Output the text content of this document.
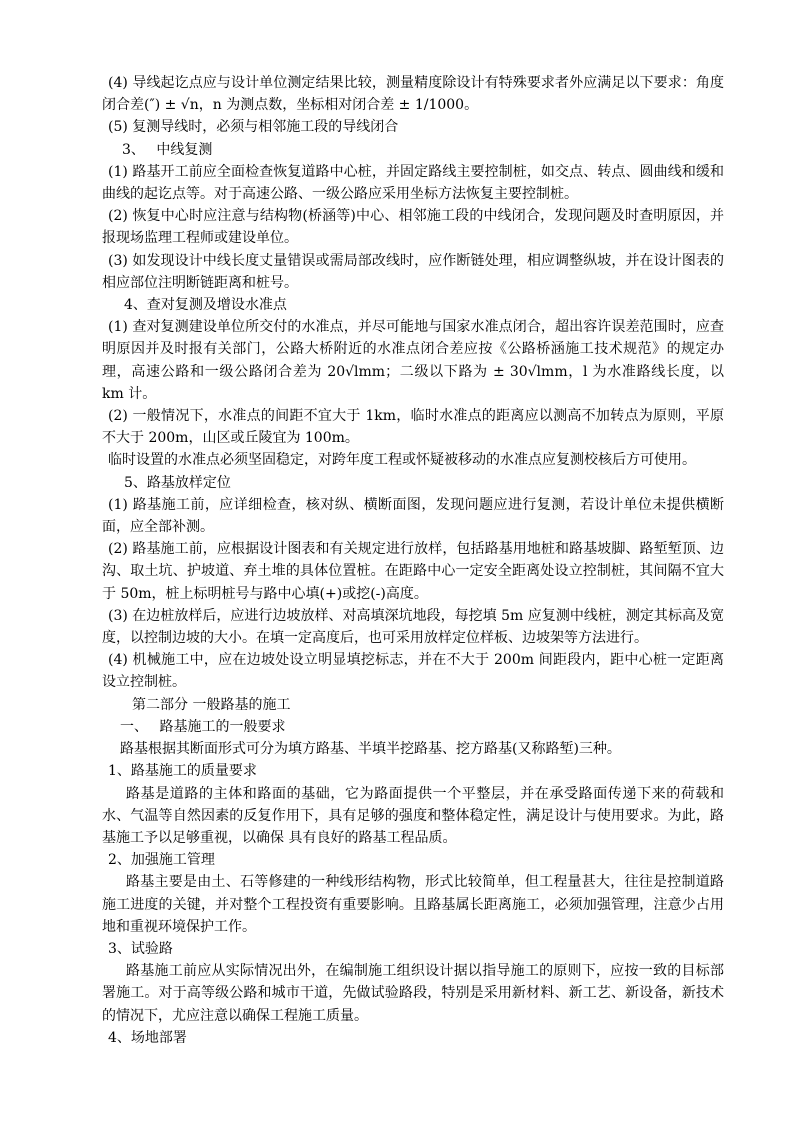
(4) 导线起讫点应与设计单位测定结果比较，测量精度除设计有特殊要求者外应满足以下要求：角度闭合差(″) ± √n，n 为测点数，坐标相对闭合差 ± 1/1000。

(5) 复测导线时，必须与相邻施工段的导线闭合

3、　 中线复测

(1) 路基开工前应全面检查恢复道路中心桩，并固定路线主要控制桩，如交点、转点、圆曲线和缓和曲线的起讫点等。对于高速公路、一级公路应采用坐标方法恢复主要控制桩。

(2) 恢复中心时应注意与结构物(桥涵等)中心、相邻施工段的中线闭合，发现问题及时查明原因，并报现场监理工程师或建设单位。

(3) 如发现设计中线长度丈量错误或需局部改线时，应作断链处理，相应调整纵坡，并在设计图表的相应部位注明断链距离和桩号。

4、查对复测及增设水准点

(1) 查对复测建设单位所交付的水准点，并尽可能地与国家水准点闭合，超出容许误差范围时，应查明原因并及时报有关部门，公路大桥附近的水准点闭合差应按《公路桥涵施工技术规范》的规定办理，高速公路和一级公路闭合差为 20√lmm；二级以下路为 ± 30√lmm，l 为水准路线长度，以 km 计。

(2) 一般情况下，水准点的间距不宜大于 1km，临时水准点的距离应以测高不加转点为原则，平原不大于 200m，山区或丘陵宜为 100m。

临时设置的水准点必须坚固稳定，对跨年度工程或怀疑被移动的水准点应复测校核后方可使用。

5、路基放样定位

(1) 路基施工前，应详细检查，核对纵、横断面图，发现问题应进行复测，若设计单位未提供横断面，应全部补测。

(2) 路基施工前，应根据设计图表和有关规定进行放样，包括路基用地桩和路基坡脚、路堑堑顶、边沟、取土坑、护坡道、弃土堆的具体位置桩。在距路中心一定安全距离处设立控制桩，其间隔不宜大于 50m，桩上标明桩号与路中心填(+)或挖(-)高度。

(3) 在边桩放样后，应进行边坡放样、对高填深坑地段，每挖填 5m 应复测中线桩，测定其标高及宽度，以控制边坡的大小。在填一定高度后，也可采用放样定位样板、边坡架等方法进行。

(4) 机械施工中，应在边坡处设立明显填挖标志，并在不大于 200m 间距段内，距中心桩一定距离设立控制桩。

第二部分 一般路基的施工

一、　 路基施工的一般要求

路基根据其断面形式可分为填方路基、半填半挖路基、挖方路基(又称路堑)三种。

1、路基施工的质量要求

路基是道路的主体和路面的基础，它为路面提供一个平整层，并在承受路面传递下来的荷载和水、气温等自然因素的反复作用下，具有足够的强度和整体稳定性，满足设计与使用要求。为此，路基施工予以足够重视，以确保 具有良好的路基工程品质。

2、加强施工管理

路基主要是由土、石等修建的一种线形结构物，形式比较简单，但工程量甚大，往往是控制道路施工进度的关键，并对整个工程投资有重要影响。且路基属长距离施工，必须加强管理，注意少占用地和重视环境保护工作。

3、试验路

路基施工前应从实际情况出外，在编制施工组织设计据以指导施工的原则下，应按一致的目标部署施工。对于高等级公路和城市干道，先做试验路段，特别是采用新材料、新工艺、新设备，新技术的情况下，尤应注意以确保工程施工质量。

4、场地部署
